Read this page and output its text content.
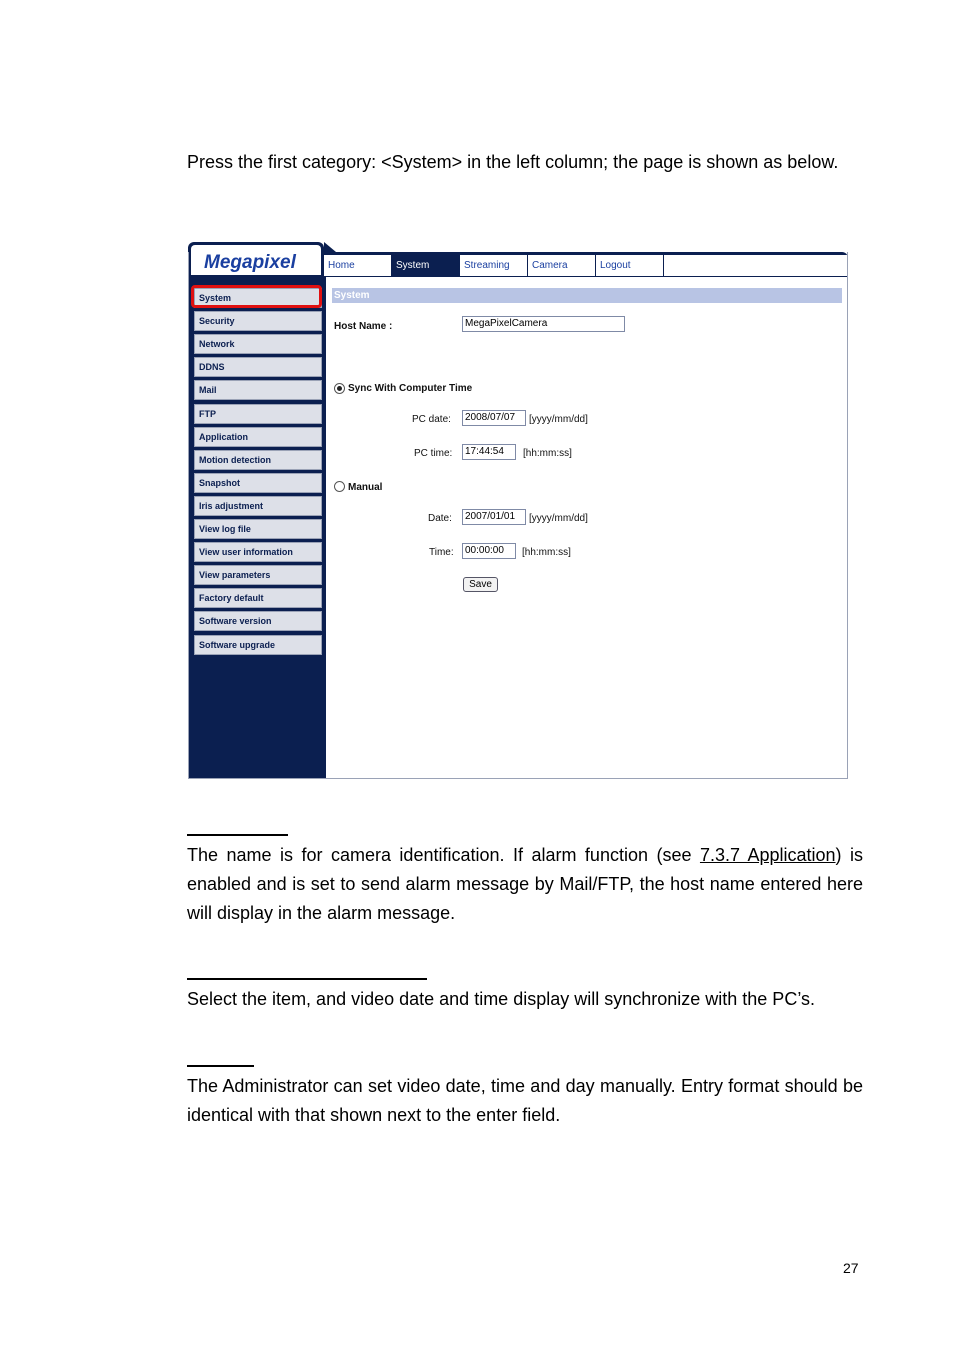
Press the first category: <System> in the left column; the page is shown as below.

Megapixel	Home	System	Streaming	Camera	Logout
System
Security
Network
DDNS
Mail
FTP
Application
Motion detection
Snapshot
Iris adjustment
View log file
View user information
View parameters
Factory default
Software version
Software upgrade
System
Host Name :	MegaPixelCamera
Sync With Computer Time
PC date:	2008/07/07	[yyyy/mm/dd]
PC time:	17:44:54	[hh:mm:ss]
Manual
Date:	2007/01/01	[yyyy/mm/dd]
Time:	00:00:00	[hh:mm:ss]
Save

The name is for camera identification. If alarm function (see 7.3.7 Application) is enabled and is set to send alarm message by Mail/FTP, the host name entered here will display in the alarm message.

Select the item, and video date and time display will synchronize with the PC’s.

The Administrator can set video date, time and day manually. Entry format should be identical with that shown next to the enter field.

27
